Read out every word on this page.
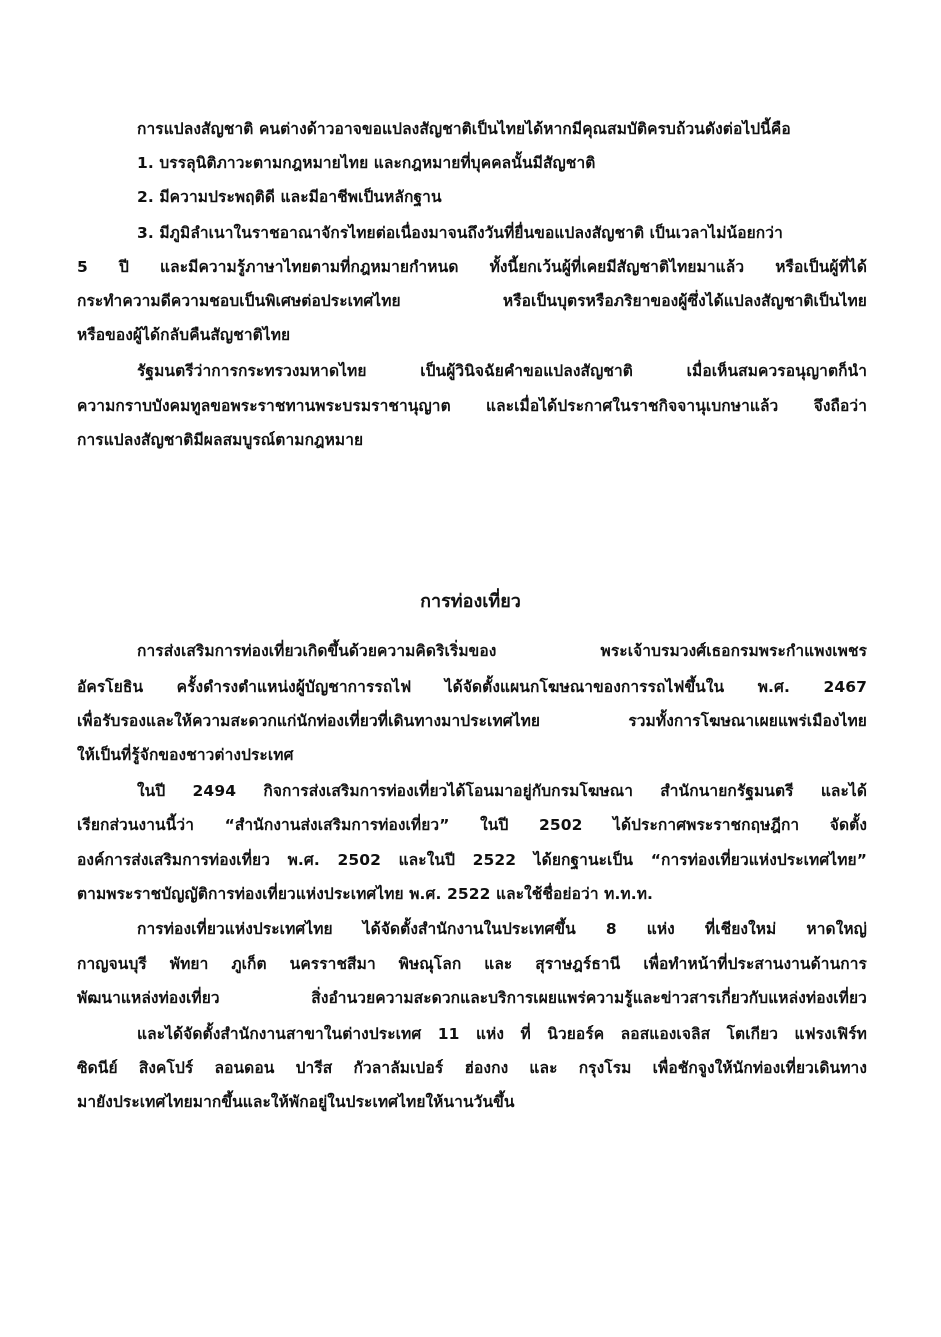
การแปลงสัญชาติ คนต่างด้าวอาจขอแปลงสัญชาติเป็นไทยได้หากมีคุณสมบัติครบถ้วนดังต่อไปนี้คือ
1. บรรลุนิติภาวะตามกฎหมายไทย และกฎหมายที่บุคคลนั้นมีสัญชาติ
2. มีความประพฤติดี และมีอาชีพเป็นหลักฐาน
3. มีภูมิลำเนาในราชอาณาจักรไทยต่อเนื่องมาจนถึงวันที่ยื่นขอแปลงสัญชาติ เป็นเวลาไม่น้อยกว่า
5 ปี และมีความรู้ภาษาไทยตามที่กฎหมายกำหนด ทั้งนี้ยกเว้นผู้ที่เคยมีสัญชาติไทยมาแล้ว หรือเป็นผู้ที่ได้
กระทำความดีความชอบเป็นพิเศษต่อประเทศไทย หรือเป็นบุตรหรือภริยาของผู้ซึ่งได้แปลงสัญชาติเป็นไทย
หรือของผู้ได้กลับคืนสัญชาติไทย
รัฐมนตรีว่าการกระทรวงมหาดไทย เป็นผู้วินิจฉัยคำขอแปลงสัญชาติ เมื่อเห็นสมควรอนุญาตก็นำ
ความกราบบังคมทูลขอพระราชทานพระบรมราชานุญาต และเมื่อได้ประกาศในราชกิจจานุเบกษาแล้ว จึงถือว่า
การแปลงสัญชาติมีผลสมบูรณ์ตามกฎหมาย
การท่องเที่ยว
การส่งเสริมการท่องเที่ยวเกิดขึ้นด้วยความคิดริเริ่มของ พระเจ้าบรมวงศ์เธอกรมพระกำแพงเพชร
อัครโยธิน ครั้งดำรงตำแหน่งผู้บัญชาการรถไฟ ได้จัดตั้งแผนกโฆษณาของการรถไฟขึ้นใน พ.ศ. 2467
เพื่อรับรองและให้ความสะดวกแก่นักท่องเที่ยวที่เดินทางมาประเทศไทย รวมทั้งการโฆษณาเผยแพร่เมืองไทย
ให้เป็นที่รู้จักของชาวต่างประเทศ
ในปี 2494 กิจการส่งเสริมการท่องเที่ยวได้โอนมาอยู่กับกรมโฆษณา สำนักนายกรัฐมนตรี และได้
เรียกส่วนงานนี้ว่า “สำนักงานส่งเสริมการท่องเที่ยว” ในปี 2502 ได้ประกาศพระราชกฤษฎีกา จัดตั้ง
องค์การส่งเสริมการท่องเที่ยว พ.ศ. 2502 และในปี 2522 ได้ยกฐานะเป็น “การท่องเที่ยวแห่งประเทศไทย”
ตามพระราชบัญญัติการท่องเที่ยวแห่งประเทศไทย พ.ศ. 2522 และใช้ชื่อย่อว่า ท.ท.ท.
การท่องเที่ยวแห่งประเทศไทย ได้จัดตั้งสำนักงานในประเทศขึ้น 8 แห่ง ที่เชียงใหม่ หาดใหญ่
กาญจนบุรี พัทยา ภูเก็ต นครราชสีมา พิษณุโลก และ สุราษฎร์ธานี เพื่อทำหน้าที่ประสานงานด้านการ
พัฒนาแหล่งท่องเที่ยว สิ่งอำนวยความสะดวกและบริการเผยแพร่ความรู้และข่าวสารเกี่ยวกับแหล่งท่องเที่ยว
และได้จัดตั้งสำนักงานสาขาในต่างประเทศ 11 แห่ง ที่ นิวยอร์ค ลอสแองเจลิส โตเกียว แฟรงเฟิร์ท
ซิดนีย์ สิงคโปร์ ลอนดอน ปารีส กัวลาลัมเปอร์ ฮ่องกง และ กรุงโรม เพื่อชักจูงให้นักท่องเที่ยวเดินทาง
มายังประเทศไทยมากขึ้นและให้พักอยู่ในประเทศไทยให้นานวันขึ้น
